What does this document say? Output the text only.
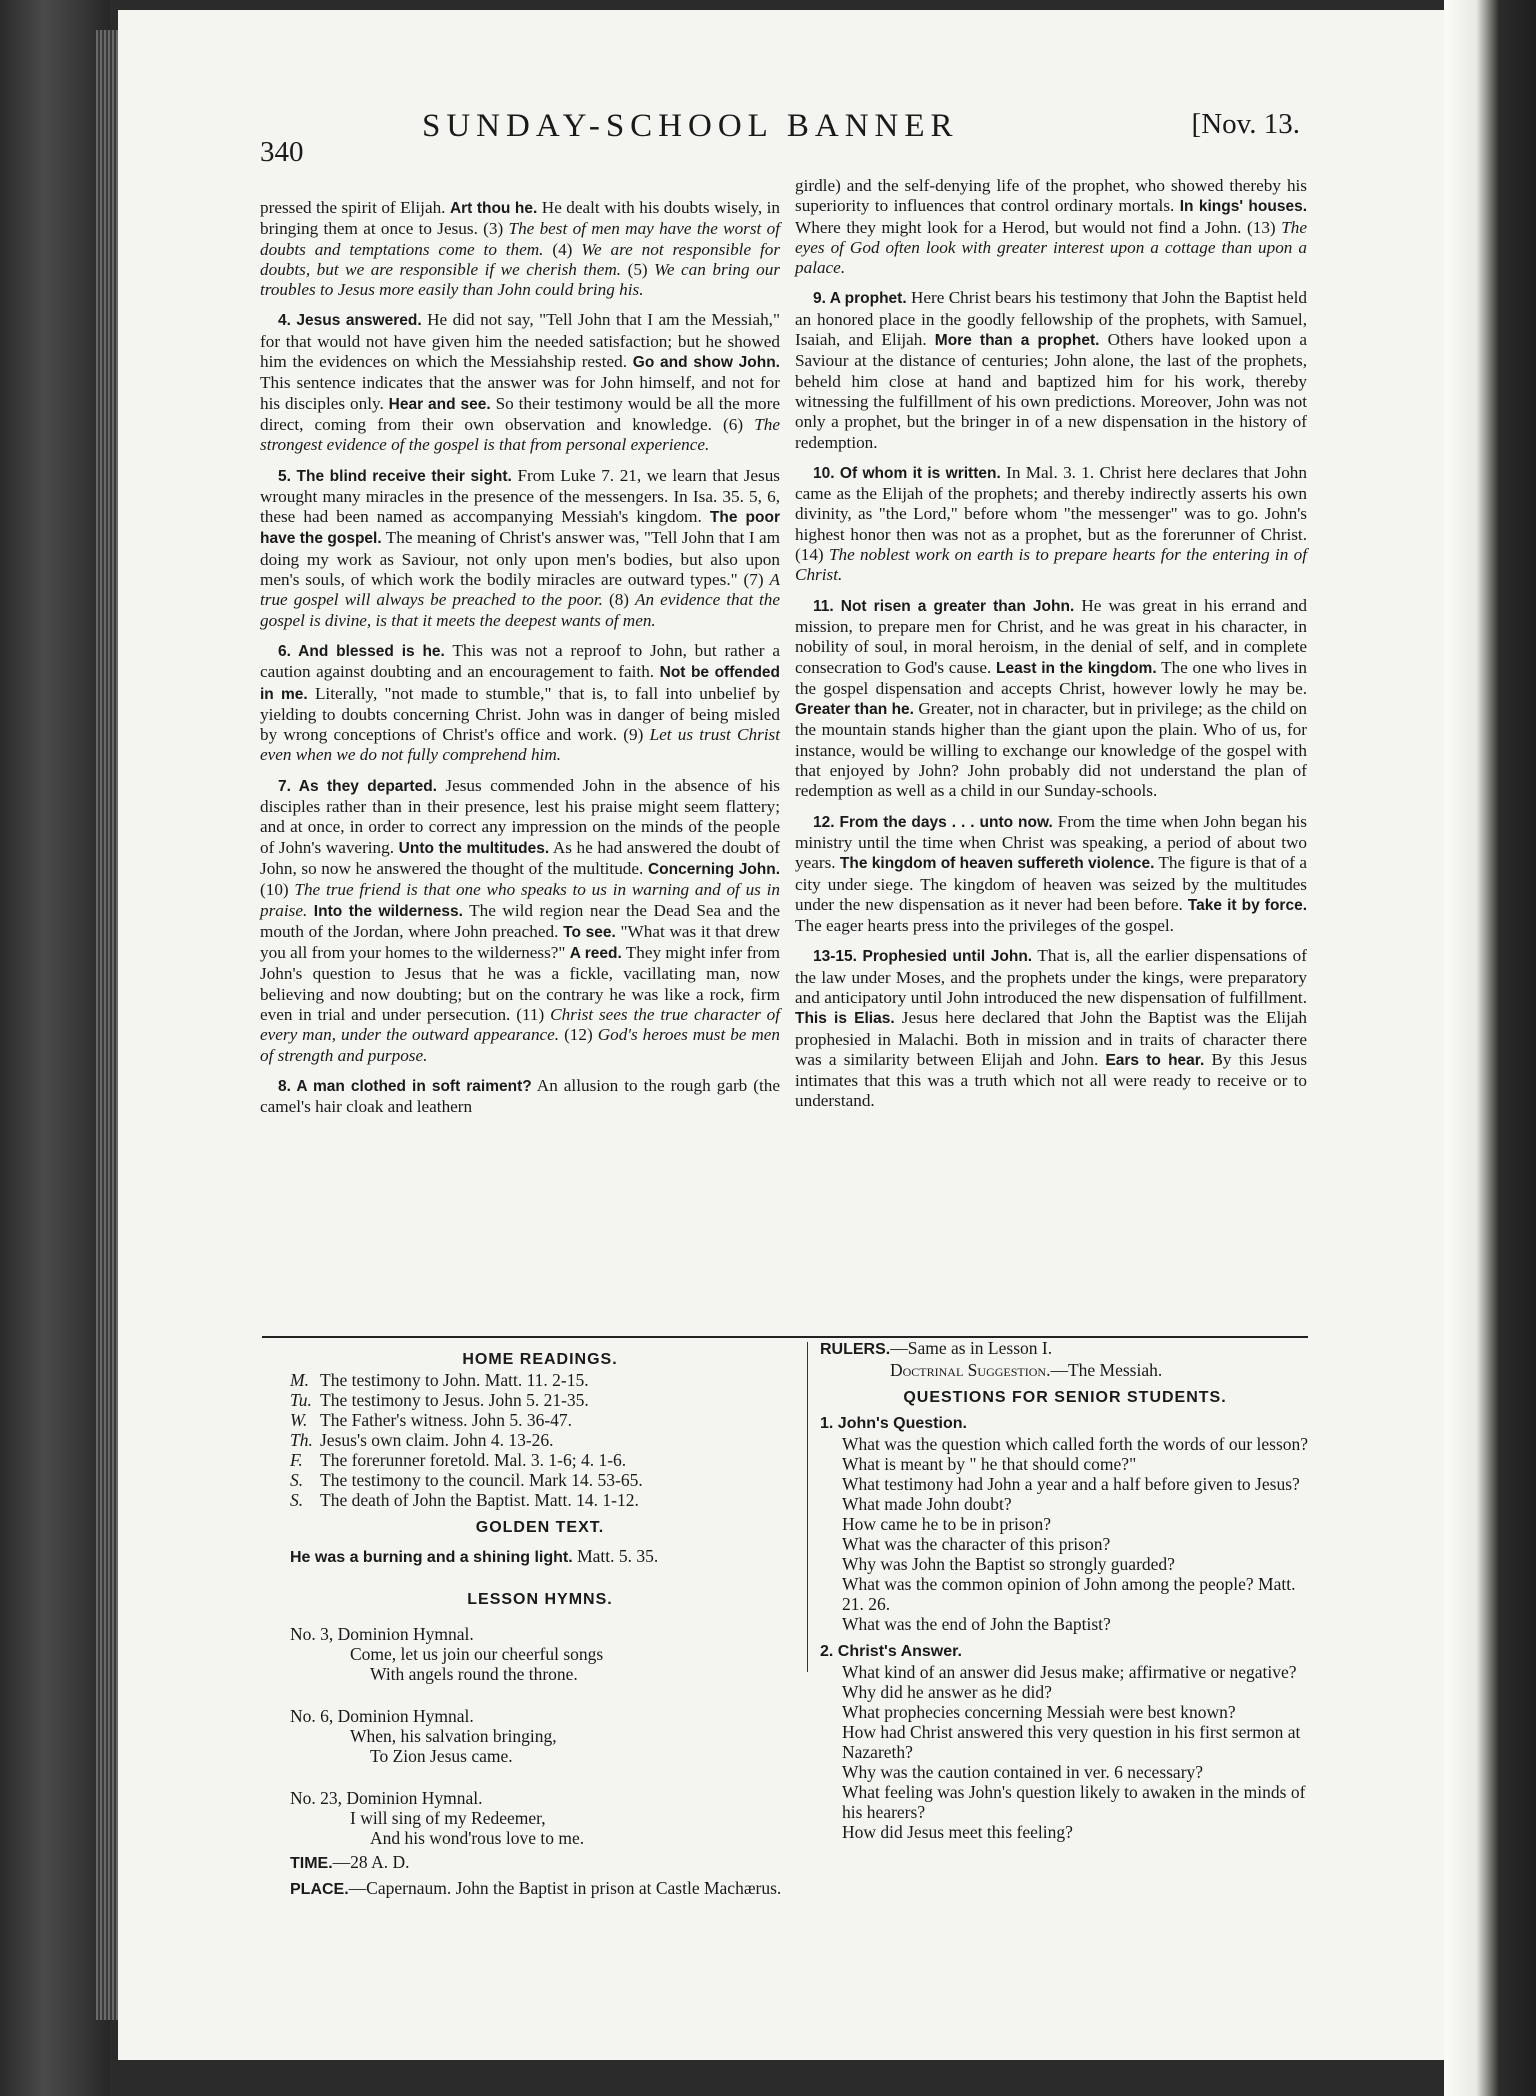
340
SUNDAY-SCHOOL BANNER	[Nov. 13.

pressed the spirit of Elijah. Art thou he. He dealt with his doubts wisely, in bringing them at once to Jesus. (3) The best of men may have the worst of doubts and temptations come to them. (4) We are not responsible for doubts, but we are responsible if we cherish them. (5) We can bring our troubles to Jesus more easily than John could bring his.

4. Jesus answered. He did not say, "Tell John that I am the Messiah," for that would not have given him the needed satisfaction; but he showed him the evidences on which the Messiahship rested. Go and show John. This sentence indicates that the answer was for John himself, and not for his disciples only. Hear and see. So their testimony would be all the more direct, coming from their own observation and knowledge. (6) The strongest evidence of the gospel is that from personal experience.

5. The blind receive their sight. From Luke 7. 21, we learn that Jesus wrought many miracles in the presence of the messengers. In Isa. 35. 5, 6, these had been named as accompanying Messiah's kingdom. The poor have the gospel. The meaning of Christ's answer was, "Tell John that I am doing my work as Saviour, not only upon men's bodies, but also upon men's souls, of which work the bodily miracles are outward types." (7) A true gospel will always be preached to the poor. (8) An evidence that the gospel is divine, is that it meets the deepest wants of men.

6. And blessed is he. This was not a reproof to John, but rather a caution against doubting and an encouragement to faith. Not be offended in me. Literally, "not made to stumble," that is, to fall into unbelief by yielding to doubts concerning Christ. John was in danger of being misled by wrong conceptions of Christ's office and work. (9) Let us trust Christ even when we do not fully comprehend him.

7. As they departed. Jesus commended John in the absence of his disciples rather than in their presence, lest his praise might seem flattery; and at once, in order to correct any impression on the minds of the people of John's wavering. Unto the multitudes. As he had answered the doubt of John, so now he answered the thought of the multitude. Concerning John. (10) The true friend is that one who speaks to us in warning and of us in praise. Into the wilderness. The wild region near the Dead Sea and the mouth of the Jordan, where John preached. To see. "What was it that drew you all from your homes to the wilderness?" A reed. They might infer from John's question to Jesus that he was a fickle, vacillating man, now believing and now doubting; but on the contrary he was like a rock, firm even in trial and under persecution. (11) Christ sees the true character of every man, under the outward appearance. (12) God's heroes must be men of strength and purpose.

8. A man clothed in soft raiment? An allusion to the rough garb (the camel's hair cloak and leathern

girdle) and the self-denying life of the prophet, who showed thereby his superiority to influences that control ordinary mortals. In kings' houses. Where they might look for a Herod, but would not find a John. (13) The eyes of God often look with greater interest upon a cottage than upon a palace.

9. A prophet. Here Christ bears his testimony that John the Baptist held an honored place in the goodly fellowship of the prophets, with Samuel, Isaiah, and Elijah. More than a prophet. Others have looked upon a Saviour at the distance of centuries; John alone, the last of the prophets, beheld him close at hand and baptized him for his work, thereby witnessing the fulfillment of his own predictions. Moreover, John was not only a prophet, but the bringer in of a new dispensation in the history of redemption.

10. Of whom it is written. In Mal. 3. 1. Christ here declares that John came as the Elijah of the prophets; and thereby indirectly asserts his own divinity, as "the Lord," before whom "the messenger" was to go. John's highest honor then was not as a prophet, but as the forerunner of Christ. (14) The noblest work on earth is to prepare hearts for the entering in of Christ.

11. Not risen a greater than John. He was great in his errand and mission, to prepare men for Christ, and he was great in his character, in nobility of soul, in moral heroism, in the denial of self, and in complete consecration to God's cause. Least in the kingdom. The one who lives in the gospel dispensation and accepts Christ, however lowly he may be. Greater than he. Greater, not in character, but in privilege; as the child on the mountain stands higher than the giant upon the plain. Who of us, for instance, would be willing to exchange our knowledge of the gospel with that enjoyed by John? John probably did not understand the plan of redemption as well as a child in our Sunday-schools.

12. From the days . . . unto now. From the time when John began his ministry until the time when Christ was speaking, a period of about two years. The kingdom of heaven suffereth violence. The figure is that of a city under siege. The kingdom of heaven was seized by the multitudes under the new dispensation as it never had been before. Take it by force. The eager hearts press into the privileges of the gospel.

13-15. Prophesied until John. That is, all the earlier dispensations of the law under Moses, and the prophets under the kings, were preparatory and anticipatory until John introduced the new dispensation of fulfillment. This is Elias. Jesus here declared that John the Baptist was the Elijah prophesied in Malachi. Both in mission and in traits of character there was a similarity between Elijah and John. Ears to hear. By this Jesus intimates that this was a truth which not all were ready to receive or to understand.

HOME READINGS.
M. The testimony to John. Matt. 11. 2-15.
Tu. The testimony to Jesus. John 5. 21-35.
W. The Father's witness. John 5. 36-47.
Th. Jesus's own claim. John 4. 13-26.
F. The forerunner foretold. Mal. 3. 1-6; 4. 1-6.
S. The testimony to the council. Mark 14. 53-65.
S. The death of John the Baptist. Matt. 14. 1-12.
GOLDEN TEXT.
He was a burning and a shining light. Matt. 5. 35.
LESSON HYMNS.
No. 3, Dominion Hymnal.
Come, let us join our cheerful songs
With angels round the throne.
No. 6, Dominion Hymnal.
When, his salvation bringing,
To Zion Jesus came.
No. 23, Dominion Hymnal.
I will sing of my Redeemer,
And his wond'rous love to me.
TIME.—28 A. D.
PLACE.—Capernaum. John the Baptist in prison at Castle Machærus.
RULERS.—Same as in Lesson I.
Doctrinal Suggestion.—The Messiah.
QUESTIONS FOR SENIOR STUDENTS.
1. John's Question.
What was the question which called forth the words of our lesson?
What is meant by " he that should come?"
What testimony had John a year and a half before given to Jesus?
What made John doubt?
How came he to be in prison?
What was the character of this prison?
Why was John the Baptist so strongly guarded?
What was the common opinion of John among the people? Matt. 21. 26.
What was the end of John the Baptist?
2. Christ's Answer.
What kind of an answer did Jesus make; affirmative or negative?
Why did he answer as he did?
What prophecies concerning Messiah were best known?
How had Christ answered this very question in his first sermon at Nazareth?
Why was the caution contained in ver. 6 necessary?
What feeling was John's question likely to awaken in the minds of his hearers?
How did Jesus meet this feeling?
